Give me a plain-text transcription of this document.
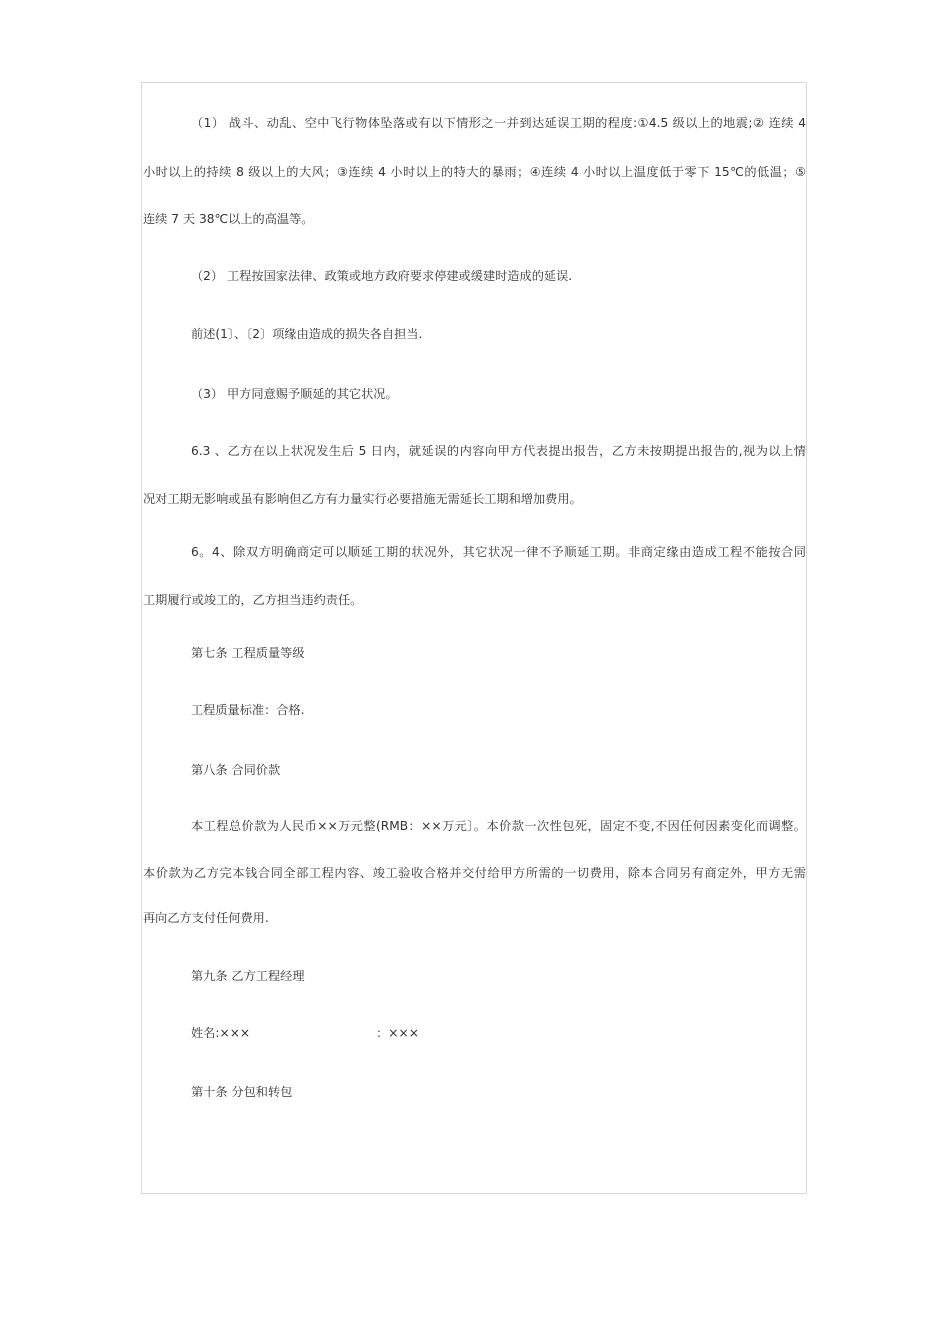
（1） 战斗、动乱、空中飞行物体坠落或有以下情形之一并到达延误工期的程度:①4.5 级以上的地震;② 连续 4
小时以上的持续 8 级以上的大风；③连续 4 小时以上的特大的暴雨；④连续 4 小时以上温度低于零下 15℃的低温；⑤
连续 7 天 38℃以上的高温等。
（2） 工程按国家法律、政策或地方政府要求停建或缓建时造成的延误.
前述(1〕、〔2〕项缘由造成的损失各自担当.
（3） 甲方同意赐予顺延的其它状况。
6.3 、乙方在以上状况发生后 5 日内，就延误的内容向甲方代表提出报告，乙方未按期提出报告的,视为以上情
况对工期无影响或虽有影响但乙方有力量实行必要措施无需延长工期和增加费用。
6。4、除双方明确商定可以顺延工期的状况外，其它状况一律不予顺延工期。非商定缘由造成工程不能按合同
工期履行或竣工的，乙方担当违约责任。
第七条 工程质量等级
工程质量标准：合格.
第八条 合同价款
本工程总价款为人民币××万元整(RMB：××万元〕。本价款一次性包死，固定不变,不因任何因素变化而调整。
本价款为乙方完本钱合同全部工程内容、竣工验收合格并交付给甲方所需的一切费用，除本合同另有商定外，甲方无需
再向乙方支付任何费用.
第九条 乙方工程经理
姓名:×××	：×××
第十条 分包和转包
